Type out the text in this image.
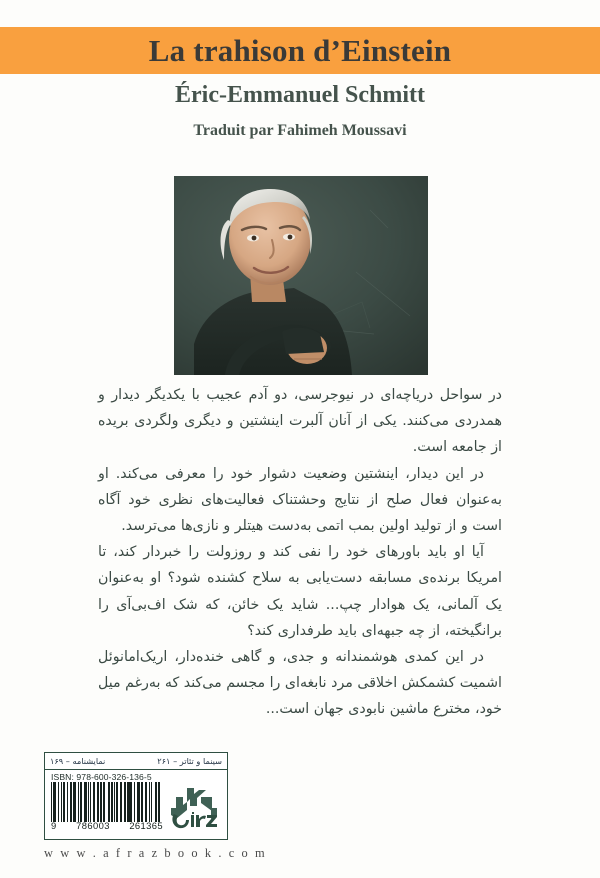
La trahison d’Einstein
Éric-Emmanuel Schmitt
Traduit par Fahimeh Moussavi

در سواحل دریاچه‌ای در نیوجرسی، دو آدم عجیب با یکدیگر دیدار و همدردی می‌کنند. یکی از آنان آلبرت اینشتین و دیگری ولگردی بریده از جامعه است.

در این دیدار، اینشتین وضعیت دشوار خود را معرفی می‌کند. او به‌عنوان فعال صلح از نتایج وحشتناک فعالیت‌های نظری خود آگاه است و از تولید اولین بمب اتمی به‌دست هیتلر و نازی‌ها می‌ترسد.

آیا او باید باورهای خود را نفی کند و روزولت را خبردار کند، تا امریکا برنده‌ی مسابقه دست‌یابی به سلاح کشنده شود؟ او به‌عنوان یک آلمانی، یک هوادار چپ... شاید یک خائن، که شک اف‌بی‌آی را برانگیخته، از چه جبهه‌ای باید طرفداری کند؟

در این کمدی هوشمندانه و جدی، و گاهی خنده‌دار، اریک‌امانوئل اشمیت کشمکش اخلاقی مرد نابغه‌ای را مجسم می‌کند که به‌رغم میل خود، مخترع ماشین نابودی جهان است...

سینما و تئاتر – ۲۶۱
نمایشنامه – ۱۶۹
ISBN: 978-600-326-136-5
9 786003 261365
w w w . a f r a z b o o k . c o m
